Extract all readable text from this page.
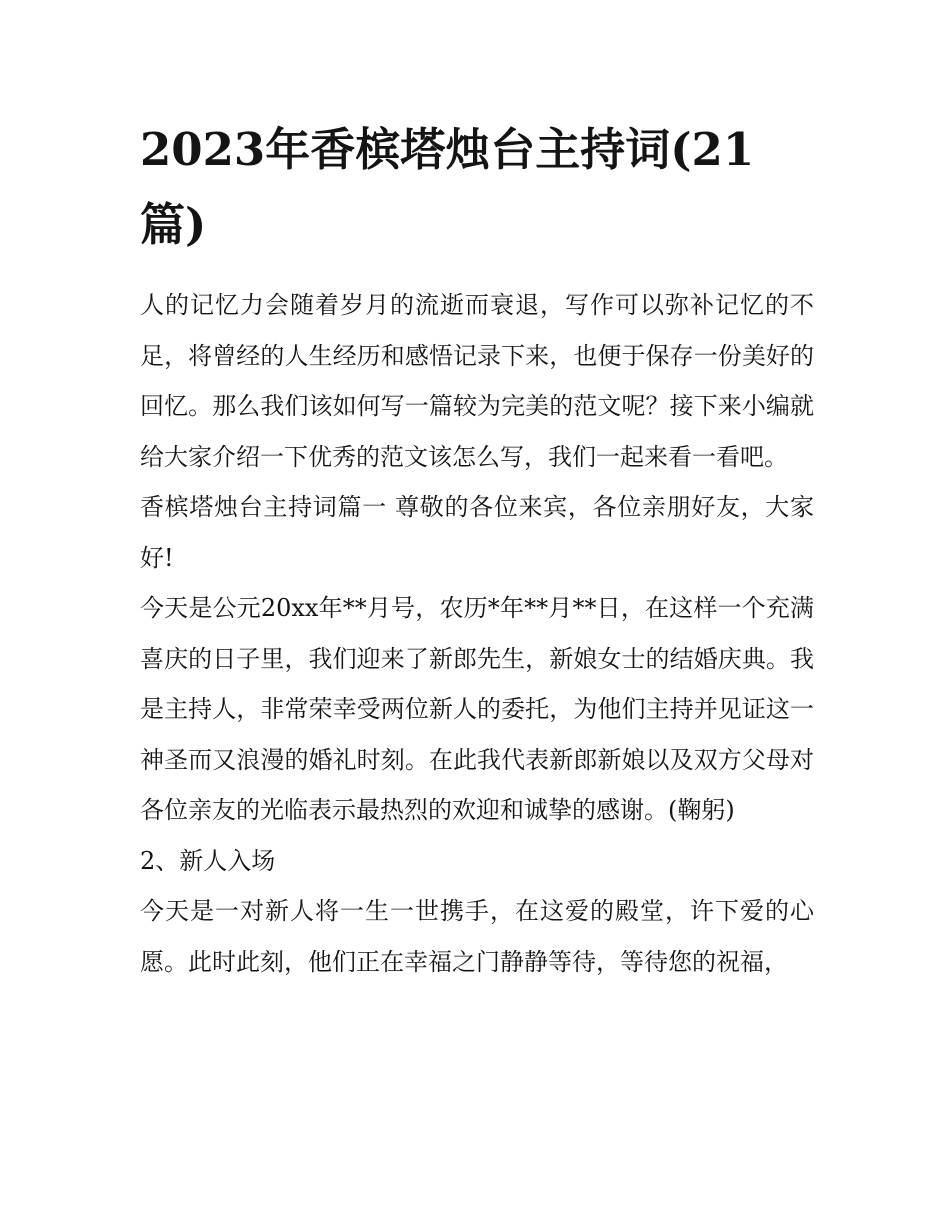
2023年香槟塔烛台主持词(21篇)

人的记忆力会随着岁月的流逝而衰退，写作可以弥补记忆的不足，将曾经的人生经历和感悟记录下来，也便于保存一份美好的回忆。那么我们该如何写一篇较为完美的范文呢？接下来小编就给大家介绍一下优秀的范文该怎么写，我们一起来看一看吧。

香槟塔烛台主持词篇一 尊敬的各位来宾，各位亲朋好友，大家好!

今天是公元20xx年**月号，农历*年**月**日，在这样一个充满喜庆的日子里，我们迎来了新郎先生，新娘女士的结婚庆典。我是主持人，非常荣幸受两位新人的委托，为他们主持并见证这一神圣而又浪漫的婚礼时刻。在此我代表新郎新娘以及双方父母对各位亲友的光临表示最热烈的欢迎和诚挚的感谢。(鞠躬)

2、新人入场

今天是一对新人将一生一世携手，在这爱的殿堂，许下爱的心愿。此时此刻，他们正在幸福之门静静等待，等待您的祝福，
